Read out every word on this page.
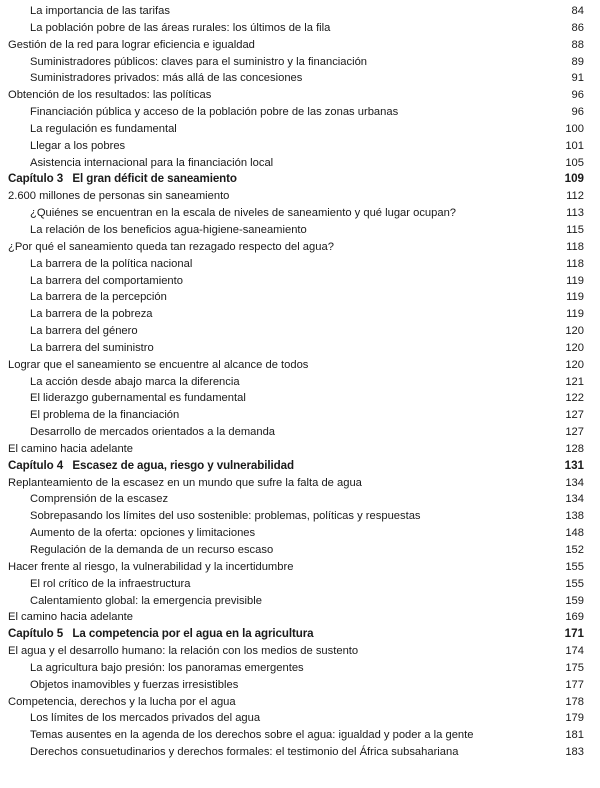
La importancia de las tarifas	84
La población pobre de las áreas rurales: los últimos de la fila	86
Gestión de la red para lograr eficiencia e igualdad	88
Suministradores públicos: claves para el suministro y la financiación	89
Suministradores privados: más allá de las concesiones	91
Obtención de los resultados: las políticas	96
Financiación pública y acceso de la población pobre de las zonas urbanas	96
La regulación es fundamental	100
Llegar a los pobres	101
Asistencia internacional para la financiación local	105
Capítulo 3   El gran déficit de saneamiento	109
2.600 millones de personas sin saneamiento	112
¿Quiénes se encuentran en la escala de niveles de saneamiento y qué lugar ocupan?	113
La relación de los beneficios agua-higiene-saneamiento	115
¿Por qué el saneamiento queda tan rezagado respecto del agua?	118
La barrera de la política nacional	118
La barrera del comportamiento	119
La barrera de la percepción	119
La barrera de la pobreza	119
La barrera del género	120
La barrera del suministro	120
Lograr que el saneamiento se encuentre al alcance de todos	120
La acción desde abajo marca la diferencia	121
El liderazgo gubernamental es fundamental	122
El problema de la financiación	127
Desarrollo de mercados orientados a la demanda	127
El camino hacia adelante	128
Capítulo 4   Escasez de agua, riesgo y vulnerabilidad	131
Replanteamiento de la escasez en un mundo que sufre la falta de agua	134
Comprensión de la escasez	134
Sobrepasando los límites del uso sostenible: problemas, políticas y respuestas	138
Aumento de la oferta: opciones y limitaciones	148
Regulación de la demanda de un recurso escaso	152
Hacer frente al riesgo, la vulnerabilidad y la incertidumbre	155
El rol crítico de la infraestructura	155
Calentamiento global: la emergencia previsible	159
El camino hacia adelante	169
Capítulo 5   La competencia por el agua en la agricultura	171
El agua y el desarrollo humano: la relación con los medios de sustento	174
La agricultura bajo presión: los panoramas emergentes	175
Objetos inamovibles y fuerzas irresistibles	177
Competencia, derechos y la lucha por el agua	178
Los límites de los mercados privados del agua	179
Temas ausentes en la agenda de los derechos sobre el agua: igualdad y poder a la gente	181
Derechos consuetudinarios y derechos formales: el testimonio del África subsahariana	183
